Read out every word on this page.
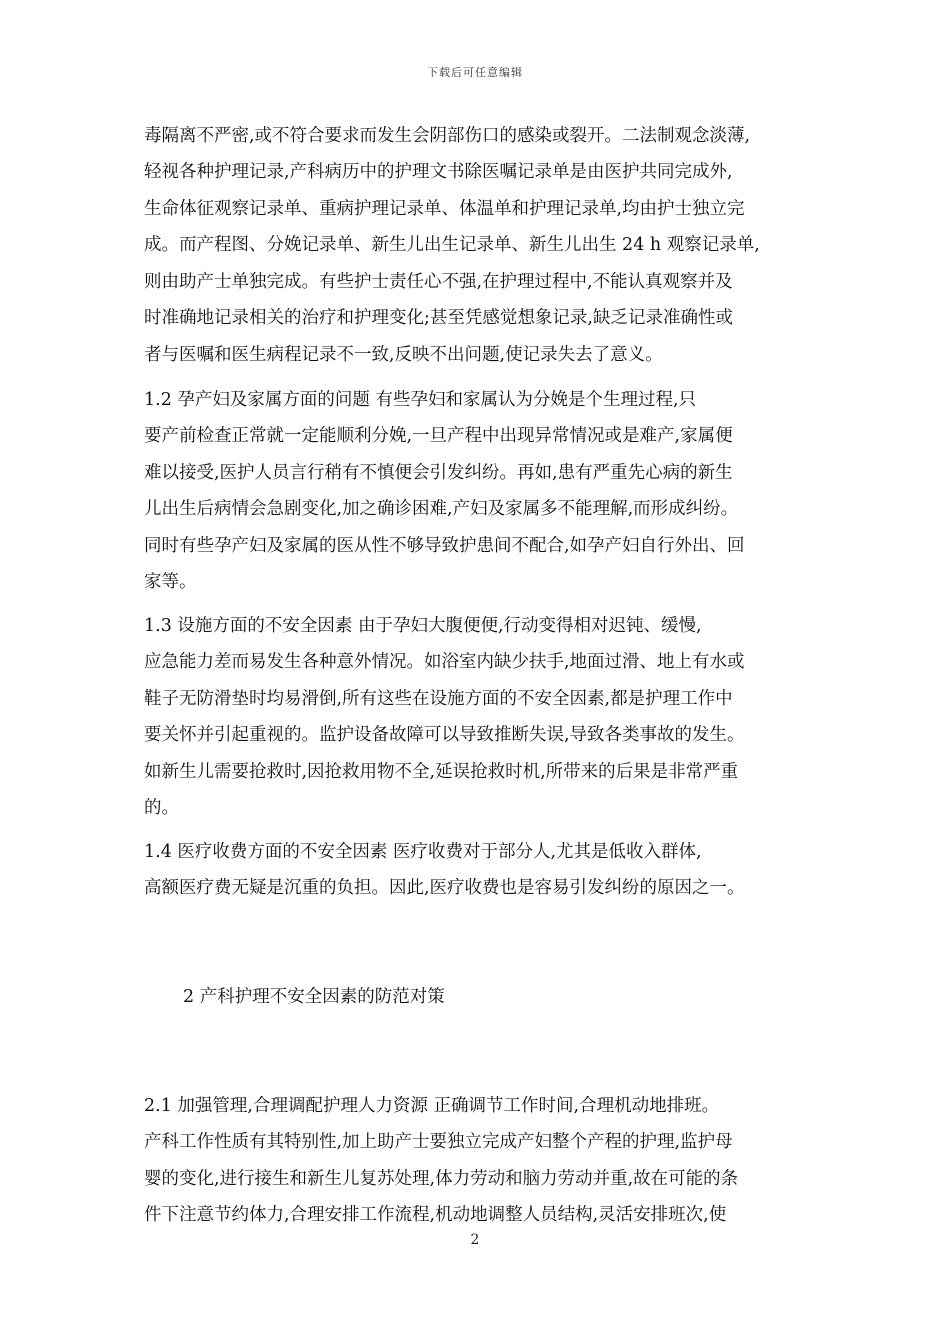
下载后可任意编辑
毒隔离不严密,或不符合要求而发生会阴部伤口的感染或裂开。二法制观念淡薄,
轻视各种护理记录,产科病历中的护理文书除医嘱记录单是由医护共同完成外,
生命体征观察记录单、重病护理记录单、体温单和护理记录单,均由护士独立完
成。而产程图、分娩记录单、新生儿出生记录单、新生儿出生 24 h 观察记录单,
则由助产士单独完成。有些护士责任心不强,在护理过程中,不能认真观察并及
时准确地记录相关的治疗和护理变化;甚至凭感觉想象记录,缺乏记录准确性或
者与医嘱和医生病程记录不一致,反映不出问题,使记录失去了意义。
1.2 孕产妇及家属方面的问题 有些孕妇和家属认为分娩是个生理过程,只
要产前检查正常就一定能顺利分娩,一旦产程中出现异常情况或是难产,家属便
难以接受,医护人员言行稍有不慎便会引发纠纷。再如,患有严重先心病的新生
儿出生后病情会急剧变化,加之确诊困难,产妇及家属多不能理解,而形成纠纷。
同时有些孕产妇及家属的医从性不够导致护患间不配合,如孕产妇自行外出、回
家等。
1.3 设施方面的不安全因素 由于孕妇大腹便便,行动变得相对迟钝、缓慢,
应急能力差而易发生各种意外情况。如浴室内缺少扶手,地面过滑、地上有水或
鞋子无防滑垫时均易滑倒,所有这些在设施方面的不安全因素,都是护理工作中
要关怀并引起重视的。监护设备故障可以导致推断失误,导致各类事故的发生。
如新生儿需要抢救时,因抢救用物不全,延误抢救时机,所带来的后果是非常严重
的。
1.4 医疗收费方面的不安全因素 医疗收费对于部分人,尤其是低收入群体,
高额医疗费无疑是沉重的负担。因此,医疗收费也是容易引发纠纷的原因之一。
2 产科护理不安全因素的防范对策
2.1 加强管理,合理调配护理人力资源 正确调节工作时间,合理机动地排班。
产科工作性质有其特别性,加上助产士要独立完成产妇整个产程的护理,监护母
婴的变化,进行接生和新生儿复苏处理,体力劳动和脑力劳动并重,故在可能的条
件下注意节约体力,合理安排工作流程,机动地调整人员结构,灵活安排班次,使
2
